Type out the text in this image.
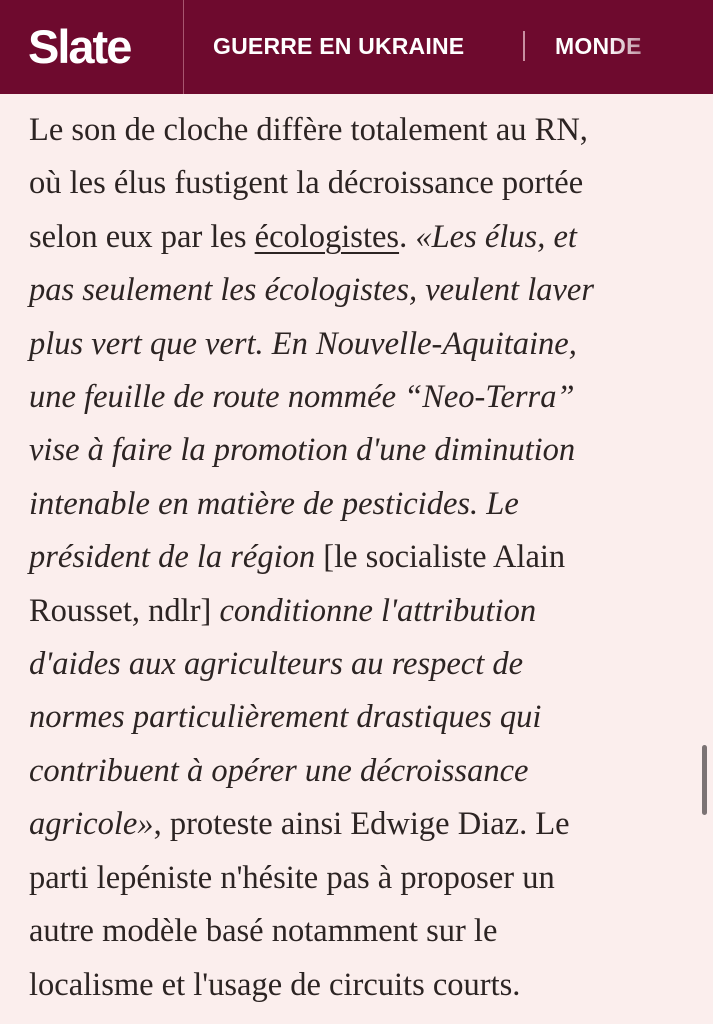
Slate	GUERRE EN UKRAINE	MONDE
Le son de cloche diffère totalement au RN,
où les élus fustigent la décroissance portée
selon eux par les écologistes. «Les élus, et
pas seulement les écologistes, veulent laver
plus vert que vert. En Nouvelle-Aquitaine,
une feuille de route nommée “Neo-Terra”
vise à faire la promotion d'une diminution
intenable en matière de pesticides. Le
président de la région [le socialiste Alain
Rousset, ndlr] conditionne l'attribution
d'aides aux agriculteurs au respect de
normes particulièrement drastiques qui
contribuent à opérer une décroissance
agricole», proteste ainsi Edwige Diaz. Le
parti lepéniste n'hésite pas à proposer un
autre modèle basé notamment sur le
localisme et l'usage de circuits courts.
